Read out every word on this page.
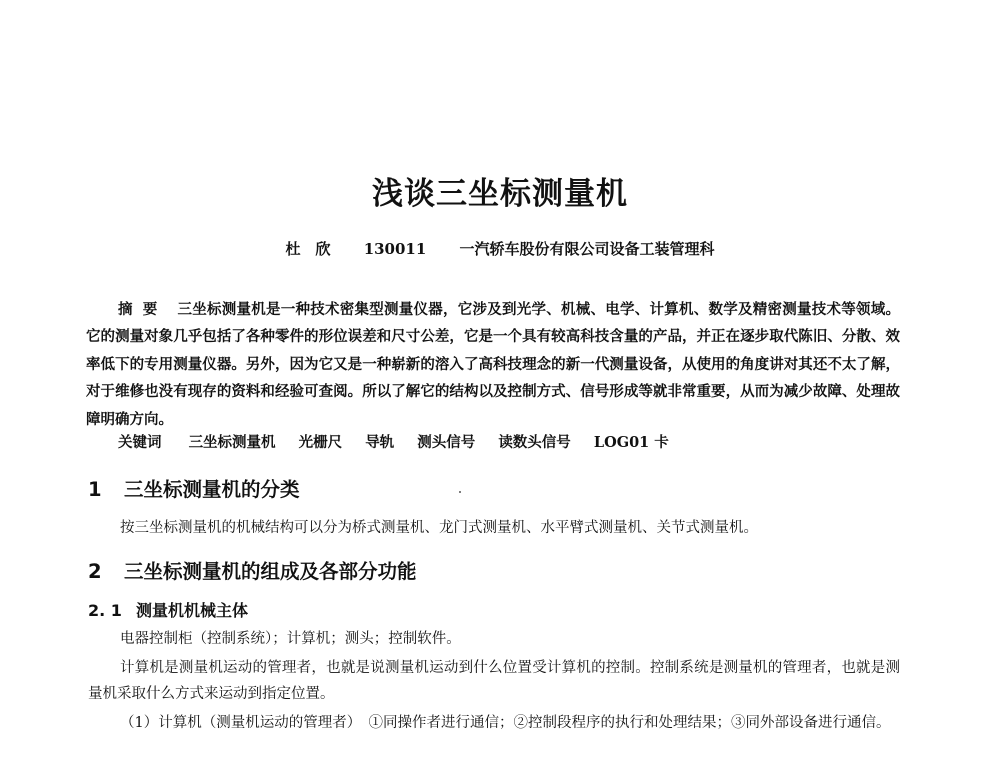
浅谈三坐标测量机
杜　欣 130011 一汽轿车股份有限公司设备工装管理科
摘要 三坐标测量机是一种技术密集型测量仪器，它涉及到光学、机械、电学、计算机、数学及精密测量技术等领域。它的测量对象几乎包括了各种零件的形位误差和尺寸公差，它是一个具有较高科技含量的产品，并正在逐步取代陈旧、分散、效率低下的专用测量仪器。另外，因为它又是一种崭新的溶入了高科技理念的新一代测量设备，从使用的角度讲对其还不太了解，对于维修也没有现存的资料和经验可查阅。所以了解它的结构以及控制方式、信号形成等就非常重要，从而为减少故障、处理故障明确方向。
关键词 三坐标测量机 光栅尺 导轨 测头信号 读数头信号 LOG01 卡
1 三坐标测量机的分类
按三坐标测量机的机械结构可以分为桥式测量机、龙门式测量机、水平臂式测量机、关节式测量机。
2 三坐标测量机的组成及各部分功能
2. 1 测量机机械主体
电器控制柜（控制系统）；计算机；测头；控制软件。
计算机是测量机运动的管理者，也就是说测量机运动到什么位置受计算机的控制。控制系统是测量机的管理者，也就是测量机采取什么方式来运动到指定位置。
（1）计算机（测量机运动的管理者）　①同操作者进行通信；②控制段程序的执行和处理结果；③同外部设备进行通信。
